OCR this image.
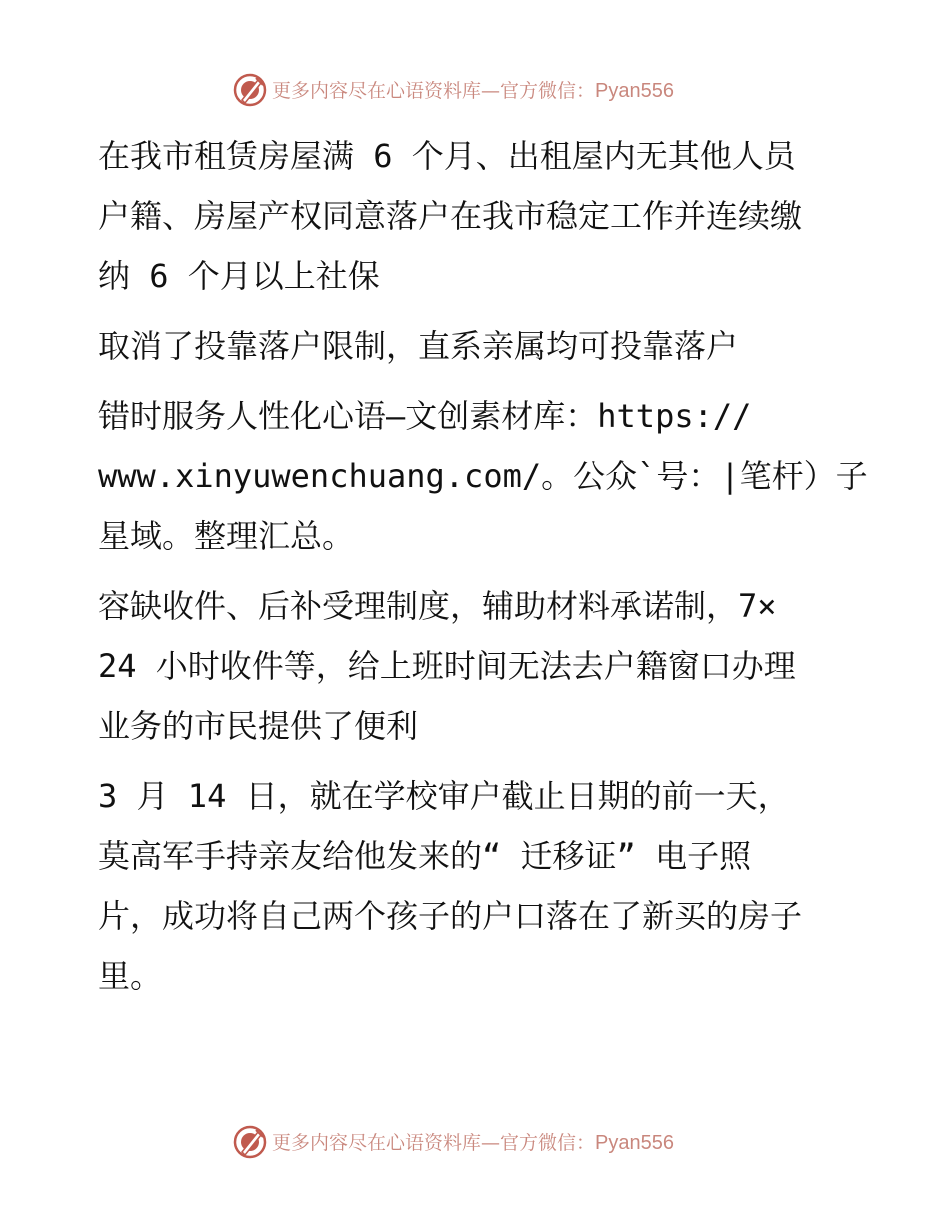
更多内容尽在心语资料库—官方微信：Pyan556
在我市租赁房屋满 6 个月、出租屋内无其他人员
户籍、房屋产权同意落户在我市稳定工作并连续缴
纳 6 个月以上社保
取消了投靠落户限制，直系亲属均可投靠落户
错时服务人性化心语—文创素材库：https://
www.xinyuwenchuang.com/。公众`号：|笔杆）子
星域。整理汇总。
容缺收件、后补受理制度，辅助材料承诺制，7×
24 小时收件等，给上班时间无法去户籍窗口办理
业务的市民提供了便利
3 月 14 日，就在学校审户截止日期的前一天，
莫高军手持亲友给他发来的“ 迁移证” 电子照
片，成功将自己两个孩子的户口落在了新买的房子
里。
更多内容尽在心语资料库—官方微信：Pyan556
